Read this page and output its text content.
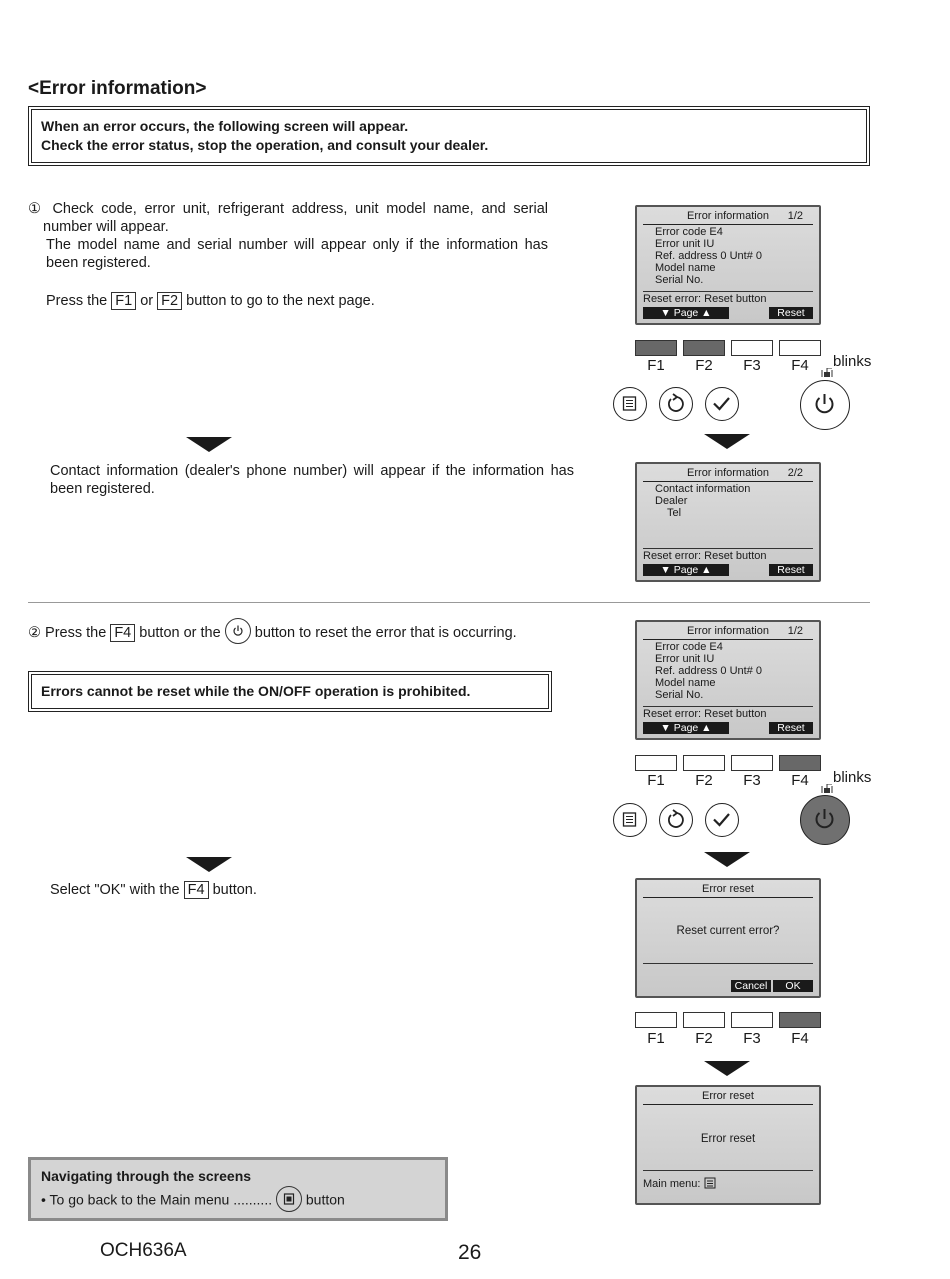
<Error information>
When an error occurs, the following screen will appear.
Check the error status, stop the operation, and consult your dealer.
① Check code, error unit, refrigerant address, unit model name, and serial
number will appear.
The model name and serial number will appear only if the information has
been registered.
Press the F1 or F2 button to go to the next page.
Error information 1/2
Error code E4
Error unit IU
Ref. address 0 Unt# 0
Model name
Serial No.
Reset error: Reset button
▼ Page ▲	Reset
F1	F2	F3	F4	blinks
Contact information (dealer's phone number) will appear if the information has
been registered.
Error information 2/2
Contact information
Dealer
Tel
Reset error: Reset button
▼ Page ▲	Reset
② Press the F4 button or the button to reset the error that is occurring.
Errors cannot be reset while the ON/OFF operation is prohibited.
Error information 1/2
Error code E4
Error unit IU
Ref. address 0 Unt# 0
Model name
Serial No.
Reset error: Reset button
▼ Page ▲	Reset
F1	F2	F3	F4	blinks
Select "OK" with the F4 button.	Error reset
Reset current error?
Cancel	OK
F1	F2	F3	F4
Error reset
Error reset
Main menu:
Navigating through the screens
• To go back to the Main menu .......... button
OCH636A	26
